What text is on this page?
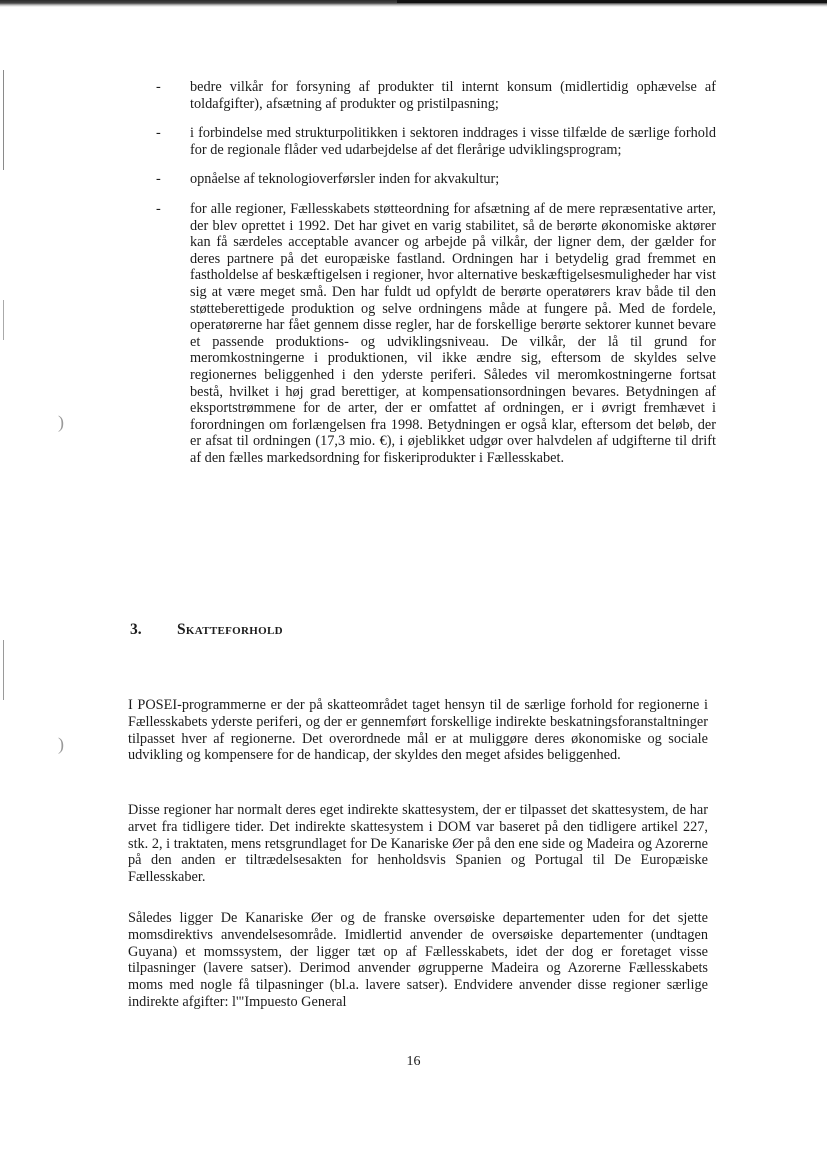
)
)
- bedre vilkår for forsyning af produkter til internt konsum (midlertidig ophævelse af toldafgifter), afsætning af produkter og pristilpasning;
- i forbindelse med strukturpolitikken i sektoren inddrages i visse tilfælde de særlige forhold for de regionale flåder ved udarbejdelse af det flerårige udviklingsprogram;
- opnåelse af teknologioverførsler inden for akvakultur;
- for alle regioner, Fællesskabets støtteordning for afsætning af de mere repræsentative arter, der blev oprettet i 1992. Det har givet en varig stabilitet, så de berørte økonomiske aktører kan få særdeles acceptable avancer og arbejde på vilkår, der ligner dem, der gælder for deres partnere på det europæiske fastland. Ordningen har i betydelig grad fremmet en fastholdelse af beskæftigelsen i regioner, hvor alternative beskæftigelsesmuligheder har vist sig at være meget små. Den har fuldt ud opfyldt de berørte operatørers krav både til den støtteberettigede produktion og selve ordningens måde at fungere på. Med de fordele, operatørerne har fået gennem disse regler, har de forskellige berørte sektorer kunnet bevare et passende produktions- og udviklingsniveau. De vilkår, der lå til grund for meromkostningerne i produktionen, vil ikke ændre sig, eftersom de skyldes selve regionernes beliggenhed i den yderste periferi. Således vil meromkostningerne fortsat bestå, hvilket i høj grad berettiger, at kompensationsordningen bevares. Betydningen af eksportstrømmene for de arter, der er omfattet af ordningen, er i øvrigt fremhævet i forordningen om forlængelsen fra 1998. Betydningen er også klar, eftersom det beløb, der er afsat til ordningen (17,3 mio. €), i øjeblikket udgør over halvdelen af udgifterne til drift af den fælles markedsordning for fiskeriprodukter i Fællesskabet.
3. Skatteforhold
I POSEI-programmerne er der på skatteområdet taget hensyn til de særlige forhold for regionerne i Fællesskabets yderste periferi, og der er gennemført forskellige indirekte beskatningsforanstaltninger tilpasset hver af regionerne. Det overordnede mål er at muliggøre deres økonomiske og sociale udvikling og kompensere for de handicap, der skyldes den meget afsides beliggenhed.
Disse regioner har normalt deres eget indirekte skattesystem, der er tilpasset det skattesystem, de har arvet fra tidligere tider. Det indirekte skattesystem i DOM var baseret på den tidligere artikel 227, stk. 2, i traktaten, mens retsgrundlaget for De Kanariske Øer på den ene side og Madeira og Azorerne på den anden er tiltrædelsesakten for henholdsvis Spanien og Portugal til De Europæiske Fællesskaber.
Således ligger De Kanariske Øer og de franske oversøiske departementer uden for det sjette momsdirektivs anvendelsesområde. Imidlertid anvender de oversøiske departementer (undtagen Guyana) et momssystem, der ligger tæt op af Fællesskabets, idet der dog er foretaget visse tilpasninger (lavere satser). Derimod anvender øgrupperne Madeira og Azorerne Fællesskabets moms med nogle få tilpasninger (bl.a. lavere satser). Endvidere anvender disse regioner særlige indirekte afgifter: l'"Impuesto General
16
